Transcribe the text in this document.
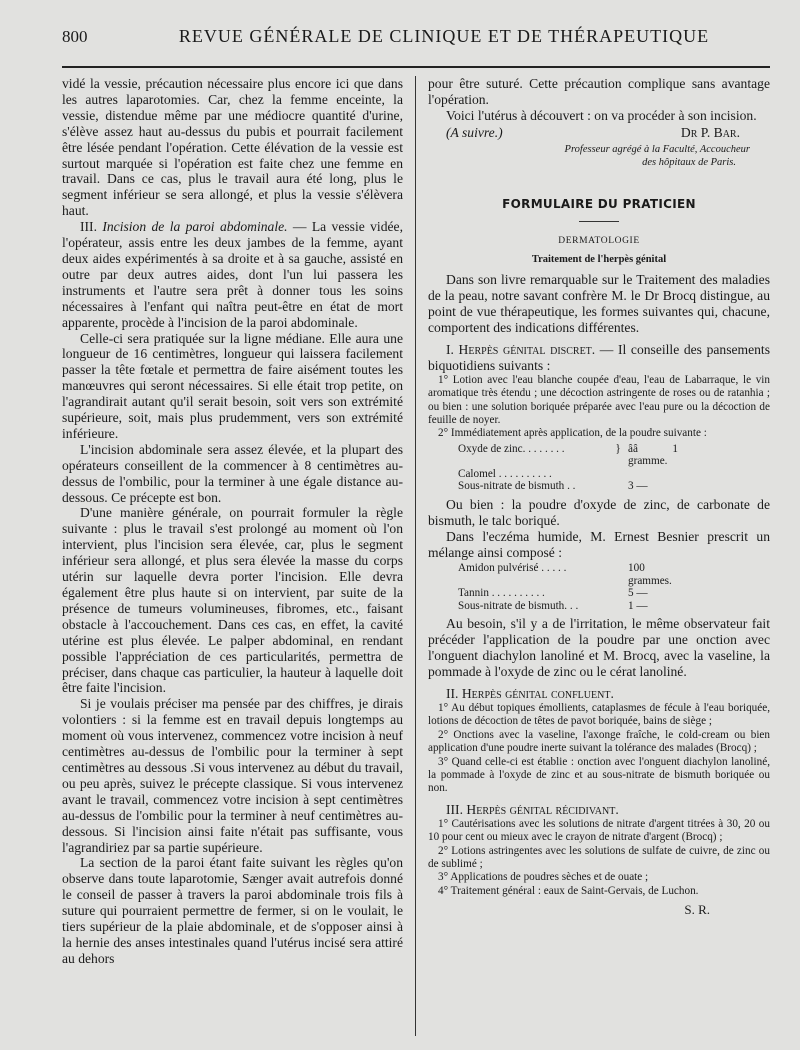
800	REVUE GÉNÉRALE DE CLINIQUE ET DE THÉRAPEUTIQUE

vidé la vessie, précaution nécessaire plus encore ici que dans les autres laparotomies. Car, chez la femme enceinte, la vessie, distendue même par une médiocre quantité d'urine, s'élève assez haut au-dessus du pubis et pourrait facilement être lésée pendant l'opération. Cette élévation de la vessie est surtout marquée si l'opération est faite chez une femme en travail. Dans ce cas, plus le travail aura été long, plus le segment inférieur se sera allongé, et plus la vessie s'élèvera haut.

III. Incision de la paroi abdominale. — La vessie vidée, l'opérateur, assis entre les deux jambes de la femme, ayant deux aides expérimentés à sa droite et à sa gauche, assisté en outre par deux autres aides, dont l'un lui passera les instruments et l'autre sera prêt à donner tous les soins nécessaires à l'enfant qui naîtra peut-être en état de mort apparente, procède à l'incision de la paroi abdominale.

Celle-ci sera pratiquée sur la ligne médiane. Elle aura une longueur de 16 centimètres, longueur qui laissera facilement passer la tête fœtale et permettra de faire aisément toutes les manœuvres qui seront nécessaires. Si elle était trop petite, on l'agrandirait autant qu'il serait besoin, soit vers son extrémité supérieure, soit, mais plus prudemment, vers son extrémité inférieure.

L'incision abdominale sera assez élevée, et la plupart des opérateurs conseillent de la commencer à 8 centimètres au-dessus de l'ombilic, pour la terminer à une égale distance au-dessous. Ce précepte est bon.

D'une manière générale, on pourrait formuler la règle suivante : plus le travail s'est prolongé au moment où l'on intervient, plus l'incision sera élevée, car, plus le segment inférieur sera allongé, et plus sera élevée la masse du corps utérin sur laquelle devra porter l'incision. Elle devra également être plus haute si on intervient, par suite de la présence de tumeurs volumineuses, fibromes, etc., faisant obstacle à l'accouchement. Dans ces cas, en effet, la cavité utérine est plus élevée. Le palper abdominal, en rendant possible l'appréciation de ces particularités, permettra de préciser, dans chaque cas particulier, la hauteur à laquelle doit être faite l'incision.

Si je voulais préciser ma pensée par des chiffres, je dirais volontiers : si la femme est en travail depuis longtemps au moment où vous intervenez, commencez votre incision à neuf centimètres au-dessus de l'ombilic pour la terminer à sept centimètres au dessous .Si vous intervenez au début du travail, ou peu après, suivez le précepte classique. Si vous intervenez avant le travail, commencez votre incision à sept centimètres au-dessus de l'ombilic pour la terminer à neuf centimètres au-dessous. Si l'incision ainsi faite n'était pas suffisante, vous l'agrandiriez par sa partie supérieure.

La section de la paroi étant faite suivant les règles qu'on observe dans toute laparotomie, Sænger avait autrefois donné le conseil de passer à travers la paroi abdominale trois fils à suture qui pourraient permettre de fermer, si on le voulait, le tiers supérieur de la plaie abdominale, et de s'opposer ainsi à la hernie des anses intestinales quand l'utérus incisé sera attiré au dehors

pour être suturé. Cette précaution complique sans avantage l'opération.

Voici l'utérus à découvert : on va procéder à son incision.

(A suivre.)	Dr P. Bar.
Professeur agrégé à la Faculté, Accoucheur
des hôpitaux de Paris.
FORMULAIRE DU PRATICIEN
DERMATOLOGIE
Traitement de l'herpès génital

Dans son livre remarquable sur le Traitement des maladies de la peau, notre savant confrère M. le Dr Brocq distingue, au point de vue thérapeutique, les formes suivantes qui, chacune, comportent des indications différentes.

I. Herpès génital discret. — Il conseille des pansements biquotidiens suivants :

1° Lotion avec l'eau blanche coupée d'eau, l'eau de Labarraque, le vin aromatique très étendu ; une décoction astringente de roses ou de ratanhia ; ou bien : une solution boriquée préparée avec l'eau pure ou la décoction de feuille de noyer.

2° Immédiatement après application, de la poudre suivante :

Oxyde de zinc. . . . . . . .	} ââ 1 gramme.
Calomel . . . . . . . . . .
Sous-nitrate de bismuth . .	3 —

Ou bien : la poudre d'oxyde de zinc, de carbonate de bismuth, le talc boriqué.

Dans l'eczéma humide, M. Ernest Besnier prescrit un mélange ainsi composé :

Amidon pulvérisé . . . . .	100 grammes.
Tannin . . . . . . . . . .	5 —
Sous-nitrate de bismuth. . .	1 —

Au besoin, s'il y a de l'irritation, le même observateur fait précéder l'application de la poudre par une onction avec l'onguent diachylon lanoliné et M. Brocq, avec la vaseline, la pommade à l'oxyde de zinc ou le cérat lanoliné.

II. Herpès génital confluent.

1° Au début topiques émollients, cataplasmes de fécule à l'eau boriquée, lotions de décoction de têtes de pavot boriquée, bains de siège ;

2° Onctions avec la vaseline, l'axonge fraîche, le cold-cream ou bien application d'une poudre inerte suivant la tolérance des malades (Brocq) ;

3° Quand celle-ci est établie : onction avec l'onguent diachylon lanoliné, la pommade à l'oxyde de zinc et au sous-nitrate de bismuth boriquée ou non.

III. Herpès génital récidivant.

1° Cautérisations avec les solutions de nitrate d'argent titrées à 30, 20 ou 10 pour cent ou mieux avec le crayon de nitrate d'argent (Brocq) ;

2° Lotions astringentes avec les solutions de sulfate de cuivre, de zinc ou de sublimé ;

3° Applications de poudres sèches et de ouate ;

4° Traitement général : eaux de Saint-Gervais, de Luchon.

S. R.
